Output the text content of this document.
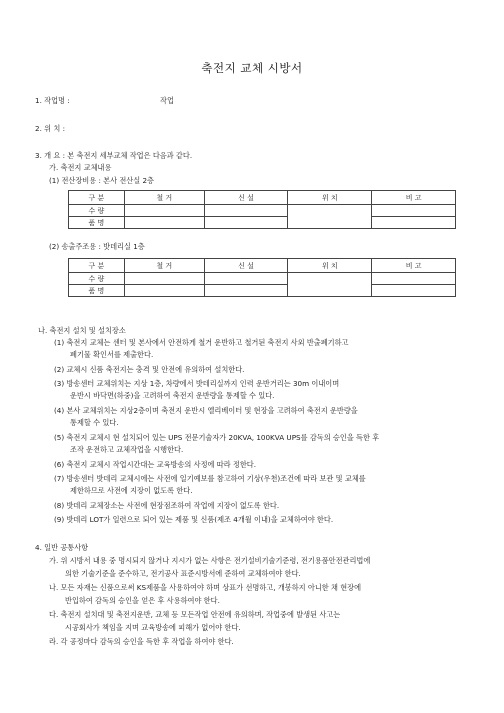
축전지 교체 시방서
1. 작업명 :	작업
2. 위 치 :
3. 개 요 : 본 축전지 세부교체 작업은 다음과 같다.
가. 축전지 교체내용
(1) 전산장비용 : 본사 전산실 2층
구 분	철 거	신 설	위 치	비 고
수 량				
품 명				
(2) 송출주조용 : 밧데리실 1층
구 분	철 거	신 설	위 치	비 고
수 량				
품 명				
나. 축전지 설치 및 설치장소
(1) 축전지 교체는 센터 및 본사에서 안전하게 철거 운반하고 철거된 축전지 사외 반출폐기하고
폐기물 확인서를 제출한다.
(2) 교체시 신품 축전지는 충격 및 안전에 유의하여 설치한다.
(3) 방송센터 교체위치는 지상 1층, 차량에서 밧데리실까지 인력 운반거리는 30m 이내이며
운반시 바닥면(하중)을 고려하여 축전지 운반량을 통제할 수 있다.
(4) 본사 교체위치는 지상2층이며 축전지 운반시 엘리베이터 및 현장을 고려하여 축전지 운반량을
통제할 수 있다.
(5) 축전지 교체시 현 설치되어 있는 UPS 전문기술자가 20KVA, 100KVA UPS를 감독의 승인을 득한 후
조작 운전하고 교체작업을 시행한다.
(6) 축전지 교체시 작업시간대는 교육방송의 사정에 따라 정한다.
(7) 방송센터 밧데리 교체시에는 사전에 일기예보를 참고하여 기상(우천)조건에 따라 보관 및 교체를
제한하므로 사전에 지장이 없도록 한다.
(8) 밧데리 교체장소는 사전에 현장점조하여 작업에 지장이 없도록 한다.
(9) 밧데리 LOT가 일련으로 되어 있는 제품 및 신품(제조 4개월 이내)을 교체하여야 한다.
4. 일반 공통사항
가. 위 시방서 내용 중 명시되지 않거나 지시가 없는 사항은 전기설비기술기준령, 전기용품안전관리법에
의한 기술기준을 준수하고, 전기공사 표준시방서에 준하여 교체하여야 한다.
나. 모든 자재는 신품으로써 KS제품을 사용하여야 하며 상표가 선명하고, 개봉하지 아니한 채 현장에
반입하여 감독의 승인을 얻은 후 사용하여야 한다.
다. 축전지 설치대 및 축전지운반, 교체 등 모든작업 안전에 유의하며, 작업중에 발생된 사고는
시공회사가 책임을 지며 교육방송에 피해가 없어야 한다.
라. 각 공정마다 감독의 승인을 득한 후 작업을 하여야 한다.
